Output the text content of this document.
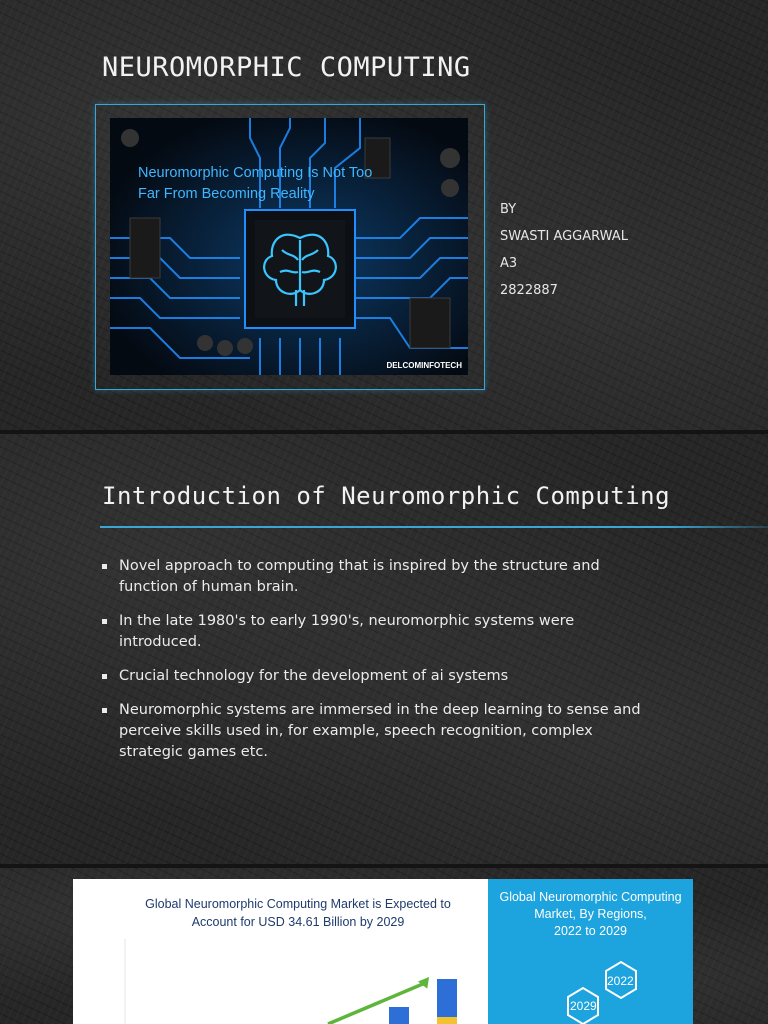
NEUROMORPHIC COMPUTING
Neuromorphic Computing Is Not Too
Far From Becoming Reality
DELCOMINFOTECH
BY
SWASTI AGGARWAL
A3
2822887
Introduction of Neuromorphic Computing
Novel approach to computing that is inspired by the structure and function of human brain.
In the late 1980's to early 1990's, neuromorphic systems were introduced.
Crucial technology for the development of ai systems
Neuromorphic systems are immersed in the deep learning to sense and perceive skills used in, for example, speech recognition, complex strategic games etc.
Global Neuromorphic Computing Market is Expected to
Account for USD 34.61 Billion by 2029
Global Neuromorphic Computing
Market, By Regions,
2022 to 2029
2022
2029
